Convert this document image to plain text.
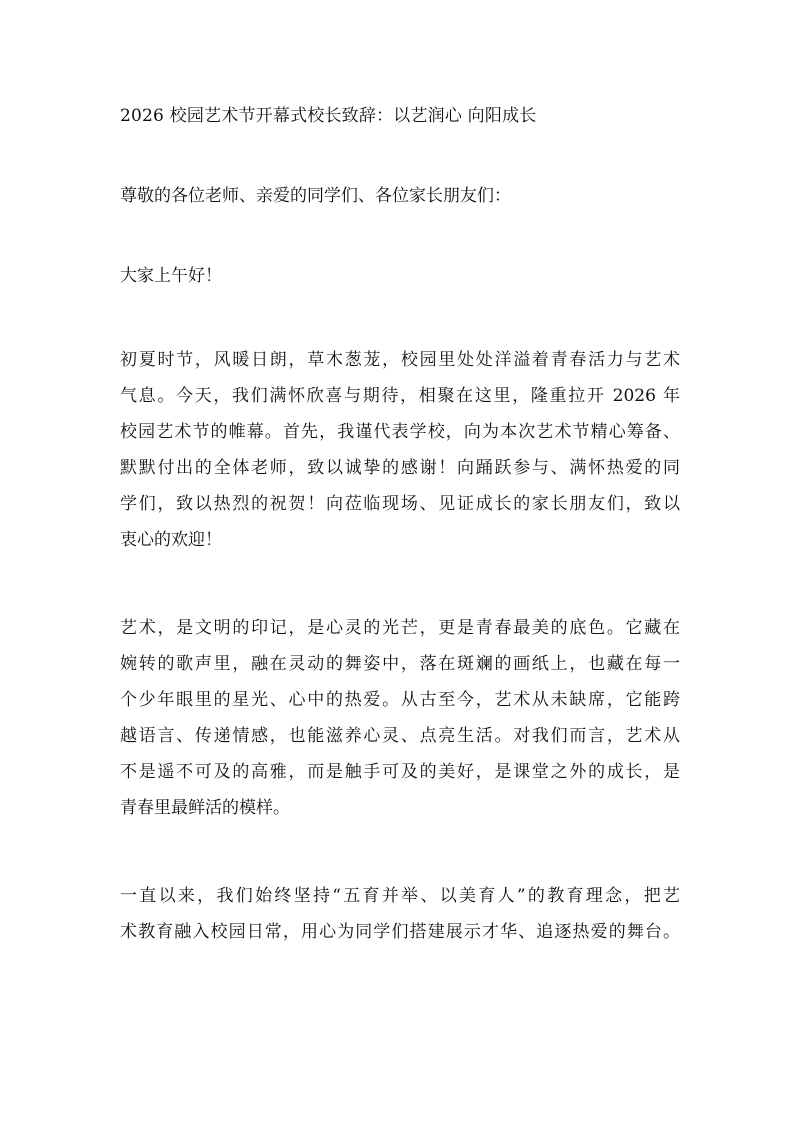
2026 校园艺术节开幕式校长致辞：以艺润心 向阳成长

尊敬的各位老师、亲爱的同学们、各位家长朋友们：

大家上午好！

初夏时节，风暖日朗，草木葱茏，校园里处处洋溢着青春活力与艺术

气息。今天，我们满怀欣喜与期待，相聚在这里，隆重拉开 2026 年

校园艺术节的帷幕。首先，我谨代表学校，向为本次艺术节精心筹备、

默默付出的全体老师，致以诚挚的感谢！向踊跃参与、满怀热爱的同

学们，致以热烈的祝贺！向莅临现场、见证成长的家长朋友们，致以

衷心的欢迎！

艺术，是文明的印记，是心灵的光芒，更是青春最美的底色。它藏在

婉转的歌声里，融在灵动的舞姿中，落在斑斓的画纸上，也藏在每一

个少年眼里的星光、心中的热爱。从古至今，艺术从未缺席，它能跨

越语言、传递情感，也能滋养心灵、点亮生活。对我们而言，艺术从

不是遥不可及的高雅，而是触手可及的美好，是课堂之外的成长，是

青春里最鲜活的模样。

一直以来，我们始终坚持“五育并举、以美育人”的教育理念，把艺

术教育融入校园日常，用心为同学们搭建展示才华、追逐热爱的舞台。
